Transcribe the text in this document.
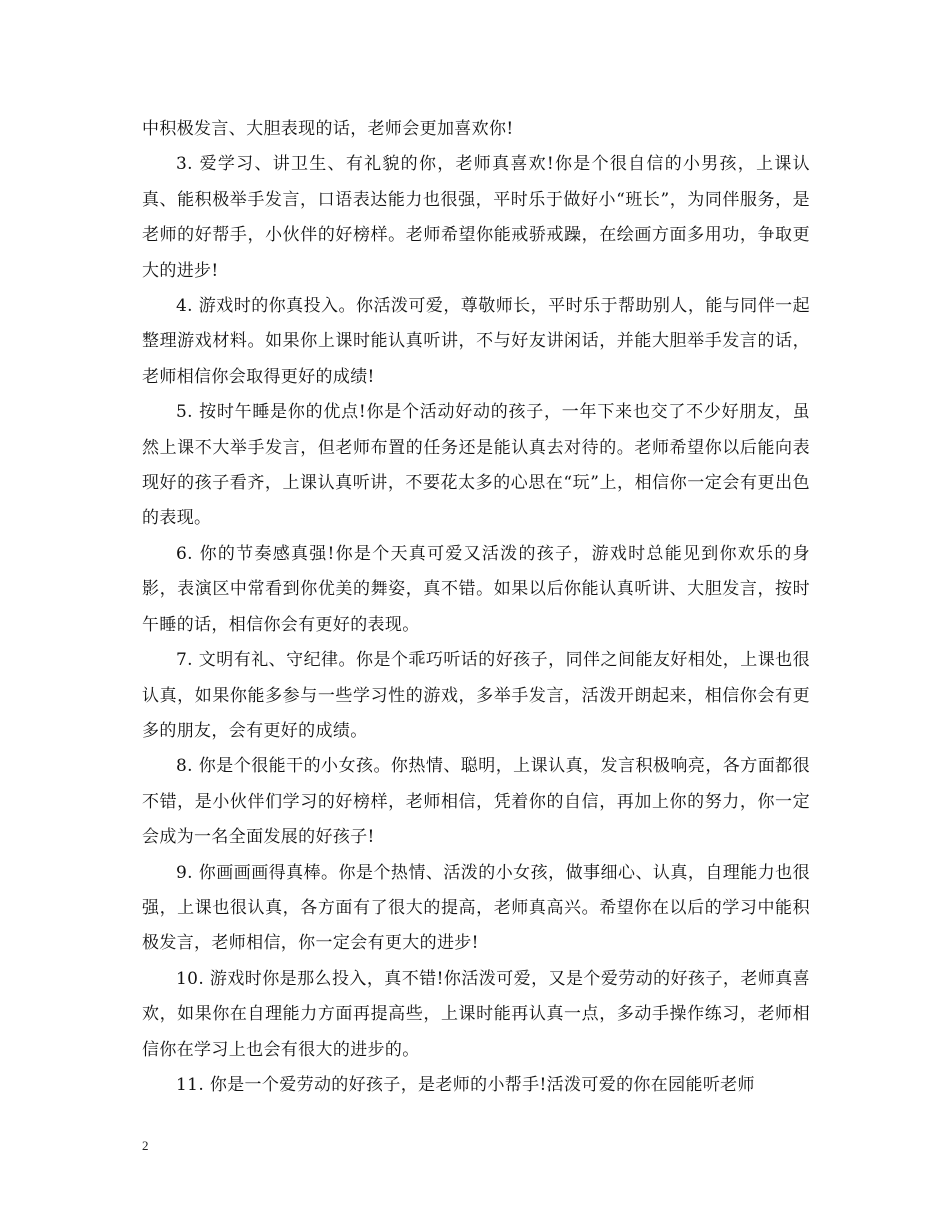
中积极发言、大胆表现的话，老师会更加喜欢你!

3. 爱学习、讲卫生、有礼貌的你，老师真喜欢!你是个很自信的小男孩，上课认真、能积极举手发言，口语表达能力也很强，平时乐于做好小“班长”，为同伴服务，是老师的好帮手，小伙伴的好榜样。老师希望你能戒骄戒躁，在绘画方面多用功，争取更大的进步!

4. 游戏时的你真投入。你活泼可爱，尊敬师长，平时乐于帮助别人，能与同伴一起整理游戏材料。如果你上课时能认真听讲，不与好友讲闲话，并能大胆举手发言的话，老师相信你会取得更好的成绩!

5. 按时午睡是你的优点!你是个活动好动的孩子，一年下来也交了不少好朋友，虽然上课不大举手发言，但老师布置的任务还是能认真去对待的。老师希望你以后能向表现好的孩子看齐，上课认真听讲，不要花太多的心思在“玩”上，相信你一定会有更出色的表现。

6. 你的节奏感真强!你是个天真可爱又活泼的孩子，游戏时总能见到你欢乐的身影，表演区中常看到你优美的舞姿，真不错。如果以后你能认真听讲、大胆发言，按时午睡的话，相信你会有更好的表现。

7. 文明有礼、守纪律。你是个乖巧听话的好孩子，同伴之间能友好相处，上课也很认真，如果你能多参与一些学习性的游戏，多举手发言，活泼开朗起来，相信你会有更多的朋友，会有更好的成绩。

8. 你是个很能干的小女孩。你热情、聪明，上课认真，发言积极响亮，各方面都很不错，是小伙伴们学习的好榜样，老师相信，凭着你的自信，再加上你的努力，你一定会成为一名全面发展的好孩子!

9. 你画画画得真棒。你是个热情、活泼的小女孩，做事细心、认真，自理能力也很强，上课也很认真，各方面有了很大的提高，老师真高兴。希望你在以后的学习中能积极发言，老师相信，你一定会有更大的进步!

10. 游戏时你是那么投入，真不错!你活泼可爱，又是个爱劳动的好孩子，老师真喜欢，如果你在自理能力方面再提高些，上课时能再认真一点，多动手操作练习，老师相信你在学习上也会有很大的进步的。

11. 你是一个爱劳动的好孩子，是老师的小帮手!活泼可爱的你在园能听老师

2
